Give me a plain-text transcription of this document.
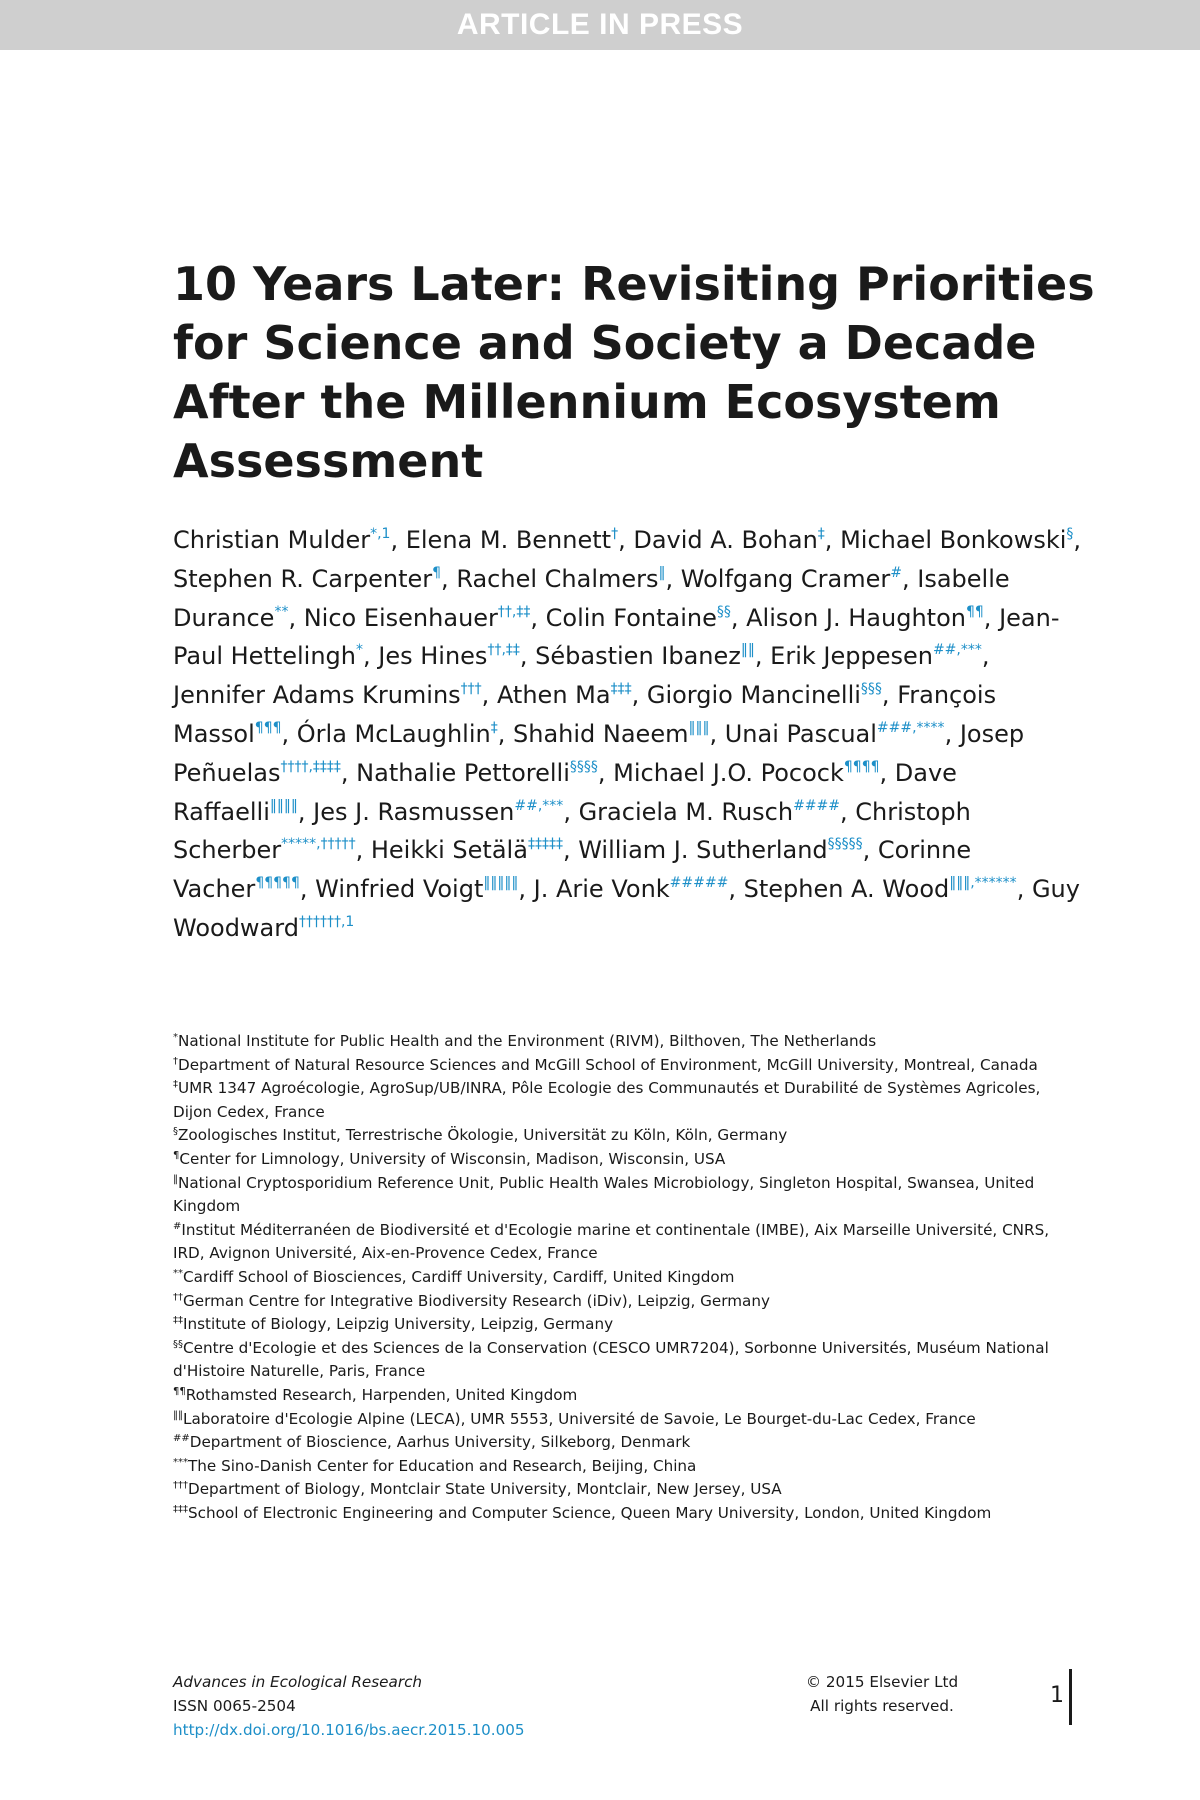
ARTICLE IN PRESS
10 Years Later: Revisiting Priorities for Science and Society a Decade After the Millennium Ecosystem Assessment
Christian Mulder$^{*,1}$, Elena M. Bennett†, David A. Bohan‡, Michael Bonkowski§, Stephen R. Carpenter¶, Rachel Chalmers‖, Wolfgang Cramer#, Isabelle Durance**, Nico Eisenhauer††,‡‡, Colin Fontaine§§, Alison J. Haughton¶¶, Jean-Paul Hettelingh*, Jes Hines††,‡‡, Sébastien Ibanez‖‖, Erik Jeppesen##,***, Jennifer Adams Krumins†††, Athen Ma‡‡‡, Giorgio Mancinelli§§§, François Massol¶¶¶, Órla McLaughlin‡, Shahid Naeem‖‖‖, Unai Pascual###,****, Josep Peñuelas††††,‡‡‡‡, Nathalie Pettorelli§§§§, Michael J.O. Pocock¶¶¶¶, Dave Raffaelli‖‖‖‖, Jes J. Rasmussen##,***, Graciela M. Rusch####, Christoph Scherber*****,†††††, Heikki Setälä‡‡‡‡‡, William J. Sutherland§§§§§, Corinne Vacher¶¶¶¶¶, Winfried Voigt‖‖‖‖‖, J. Arie Vonk#####, Stephen A. Wood‖‖‖,******, Guy Woodward$^{\dagger\dagger\dagger\dagger\dagger\dagger,1}$
*National Institute for Public Health and the Environment (RIVM), Bilthoven, The Netherlands
†Department of Natural Resource Sciences and McGill School of Environment, McGill University, Montreal, Canada
‡UMR 1347 Agroécologie, AgroSup/UB/INRA, Pôle Ecologie des Communautés et Durabilité de Systèmes Agricoles, Dijon Cedex, France
§Zoologisches Institut, Terrestrische Ökologie, Universität zu Köln, Köln, Germany
¶Center for Limnology, University of Wisconsin, Madison, Wisconsin, USA
‖National Cryptosporidium Reference Unit, Public Health Wales Microbiology, Singleton Hospital, Swansea, United Kingdom
#Institut Méditerranéen de Biodiversité et d'Ecologie marine et continentale (IMBE), Aix Marseille Université, CNRS, IRD, Avignon Université, Aix-en-Provence Cedex, France
**Cardiff School of Biosciences, Cardiff University, Cardiff, United Kingdom
††German Centre for Integrative Biodiversity Research (iDiv), Leipzig, Germany
‡‡Institute of Biology, Leipzig University, Leipzig, Germany
§§Centre d'Ecologie et des Sciences de la Conservation (CESCO UMR7204), Sorbonne Universités, Muséum National d'Histoire Naturelle, Paris, France
¶¶Rothamsted Research, Harpenden, United Kingdom
‖‖Laboratoire d'Ecologie Alpine (LECA), UMR 5553, Université de Savoie, Le Bourget-du-Lac Cedex, France
##Department of Bioscience, Aarhus University, Silkeborg, Denmark
***The Sino-Danish Center for Education and Research, Beijing, China
†††Department of Biology, Montclair State University, Montclair, New Jersey, USA
‡‡‡School of Electronic Engineering and Computer Science, Queen Mary University, London, United Kingdom
Advances in Ecological Research
ISSN 0065-2504
http://dx.doi.org/10.1016/bs.aecr.2015.10.005
© 2015 Elsevier Ltd
All rights reserved.	1
